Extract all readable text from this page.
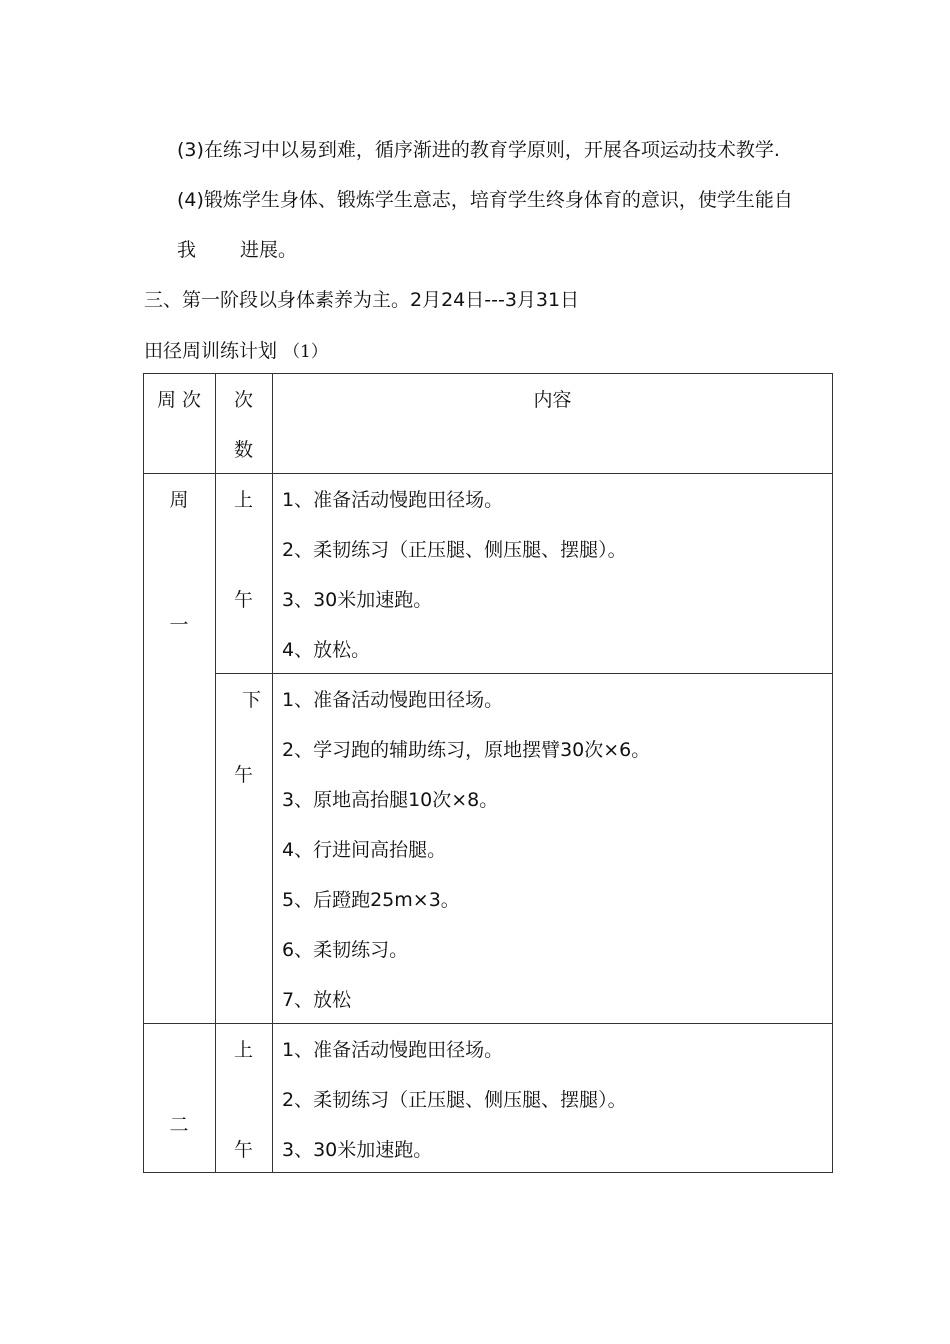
(3)在练习中以易到难，循序渐进的教育学原则，开展各项运动技术教学.
(4)锻炼学生身体、锻炼学生意志，培育学生终身体育的意识，使学生能自
我 进展。
三、第一阶段以身体素养为主。2月24日---3月31日
田径周训练计划 （1）
周 次	次
数
内容
周
一
上
午
1、准备活动慢跑田径场。
2、柔韧练习（正压腿、侧压腿、摆腿）。
3、30米加速跑。
4、放松。
下
午
1、准备活动慢跑田径场。
2、学习跑的辅助练习，原地摆臂30次×6。
3、原地高抬腿10次×8。
4、行进间高抬腿。
5、后蹬跑25m×3。
6、柔韧练习。
7、放松
二
上
午
1、准备活动慢跑田径场。
2、柔韧练习（正压腿、侧压腿、摆腿）。
3、30米加速跑。
